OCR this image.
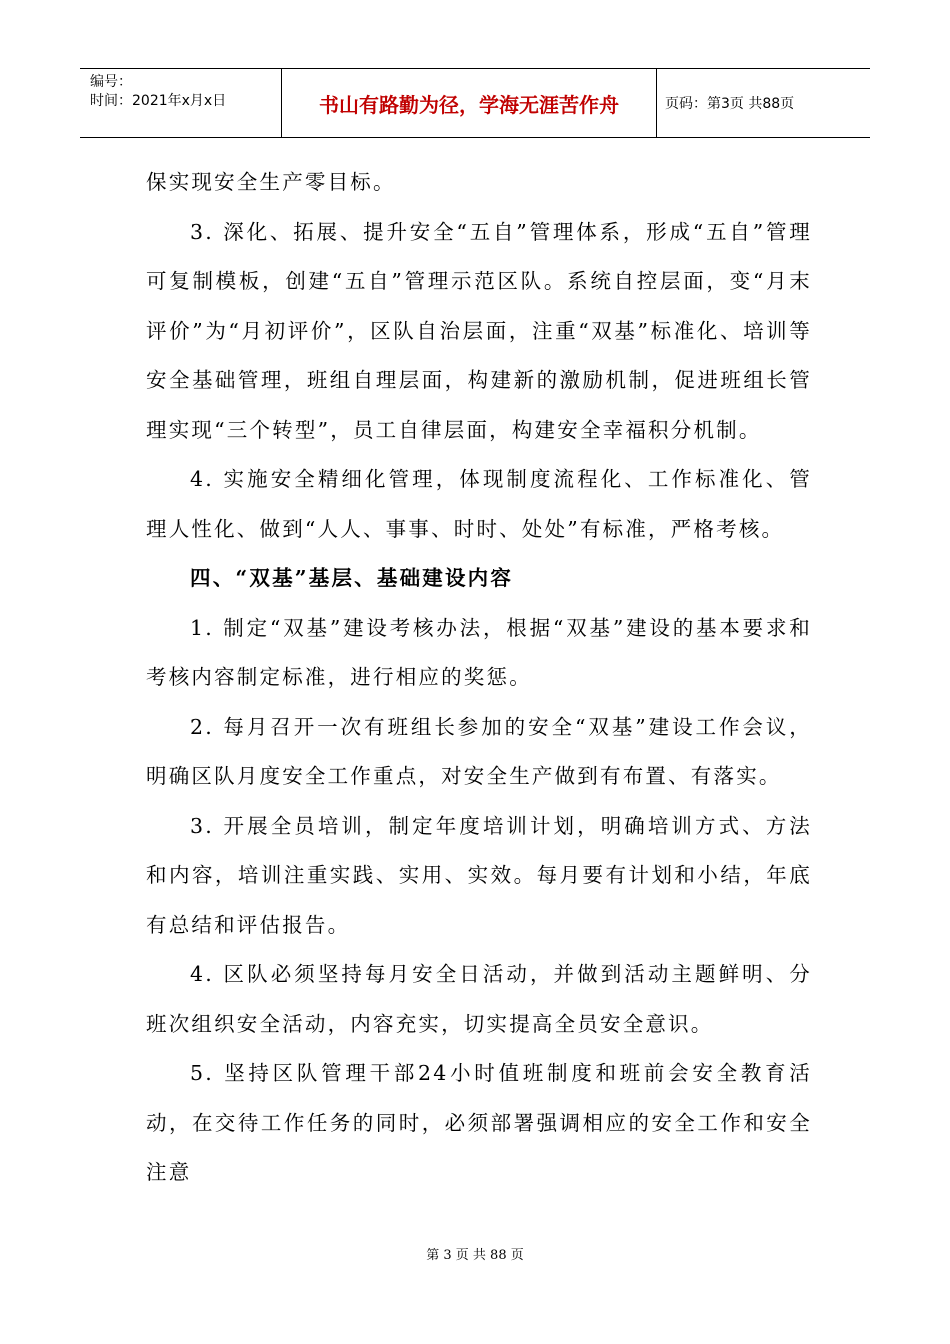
编号：
时间：2021年x月x日	书山有路勤为径，学海无涯苦作舟	页码：第3页 共88页

保实现安全生产零目标。

3. 深化、拓展、提升安全“五自”管理体系，形成“五自”管理可复制模板，创建“五自”管理示范区队。系统自控层面，变“月末评价”为“月初评价”，区队自治层面，注重“双基”标准化、培训等安全基础管理，班组自理层面，构建新的激励机制，促进班组长管理实现“三个转型”，员工自律层面，构建安全幸福积分机制。

4. 实施安全精细化管理，体现制度流程化、工作标准化、管理人性化、做到“人人、事事、时时、处处”有标准，严格考核。

四、“双基”基层、基础建设内容

1. 制定“双基”建设考核办法，根据“双基”建设的基本要求和考核内容制定标准，进行相应的奖惩。

2. 每月召开一次有班组长参加的安全“双基”建设工作会议，明确区队月度安全工作重点，对安全生产做到有布置、有落实。

3. 开展全员培训，制定年度培训计划，明确培训方式、方法和内容，培训注重实践、实用、实效。每月要有计划和小结，年底有总结和评估报告。

4. 区队必须坚持每月安全日活动，并做到活动主题鲜明、分班次组织安全活动，内容充实，切实提高全员安全意识。

5. 坚持区队管理干部24小时值班制度和班前会安全教育活动，在交待工作任务的同时，必须部署强调相应的安全工作和安全注意

第 3 页 共 88 页
